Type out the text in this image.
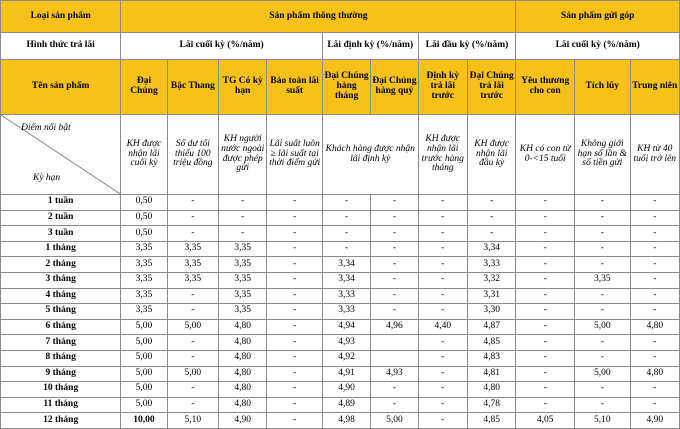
Loại sản phẩm	Sản phẩm thông thường								Sản phẩm gửi góp		
Hình thức trả lãi	Lãi cuối kỳ (%/năm)				Lãi định kỳ (%/năm)		Lãi đầu kỳ (%/năm)		Lãi cuối kỳ (%/năm)		
Tên sản phẩm	Đại Chúng	Bậc Thang	TG Có kỳ hạn	Bảo toàn lãi suất	Đại Chúng hàng tháng	Đại Chúng hàng quý	Định kỳ trả lãi trước	Đại Chúng trả lãi trước	Yêu thương cho con	Tích lũy	Trung niên

Điểm nổi bật
Kỳ hạn	KH được nhận lãi cuối kỳ	Số dư tối thiểu 100 triệu đồng	KH người nước ngoài được phép gửi	Lãi suất luôn ≥ lãi suất tại thời điểm gửi	Khách hàng được nhận lãi định kỳ		KH được nhận lãi trước hàng tháng	KH được nhận lãi đầu kỳ	KH có con từ 0-<15 tuổi	Không giới hạn số lần & số tiền gửi	KH từ 40 tuổi trở lên
1 tuần	0,50	-	-	-	-	-	-	-	-	-	-
2 tuần	0,50	-	-	-	-	-	-	-	-	-	-
3 tuần	0,50	-	-	-	-	-	-	-	-	-	-
1 tháng	3,35	3,35	3,35	-	-	-	-	3,34	-	-	-
2 tháng	3,35	3,35	3,35	-	3,34	-	-	3,33	-	-	-
3 tháng	3,35	3,35	3,35	-	3,34	-	-	3,32	-	3,35	-
4 tháng	3,35	-	3,35	-	3,33	-	-	3,31	-	-	-
5 tháng	3,35	-	3,35	-	3,33	-	-	3,30	-	-	-
6 tháng	5,00	5,00	4,80	-	4,94	4,96	4,40	4,87	-	5,00	4,80
7 tháng	5,00	-	4,80	-	4,93		-	4,85	-	-	-
8 tháng	5,00	-	4,80	-	4,92		-	4,83	-	-	-
9 tháng	5,00	5,00	4,80	-	4,91	4,93	-	4,81	-	5,00	4,80
10 tháng	5,00	-	4,80	-	4,90	-	-	4,80	-	-	-
11 tháng	5,00	-	4,80	-	4,89	-	-	4,78	-	-	-
12 tháng	10,00	5,10	4,90	-	4,98	5,00	-	4,85	4,05	5,10	4,90
